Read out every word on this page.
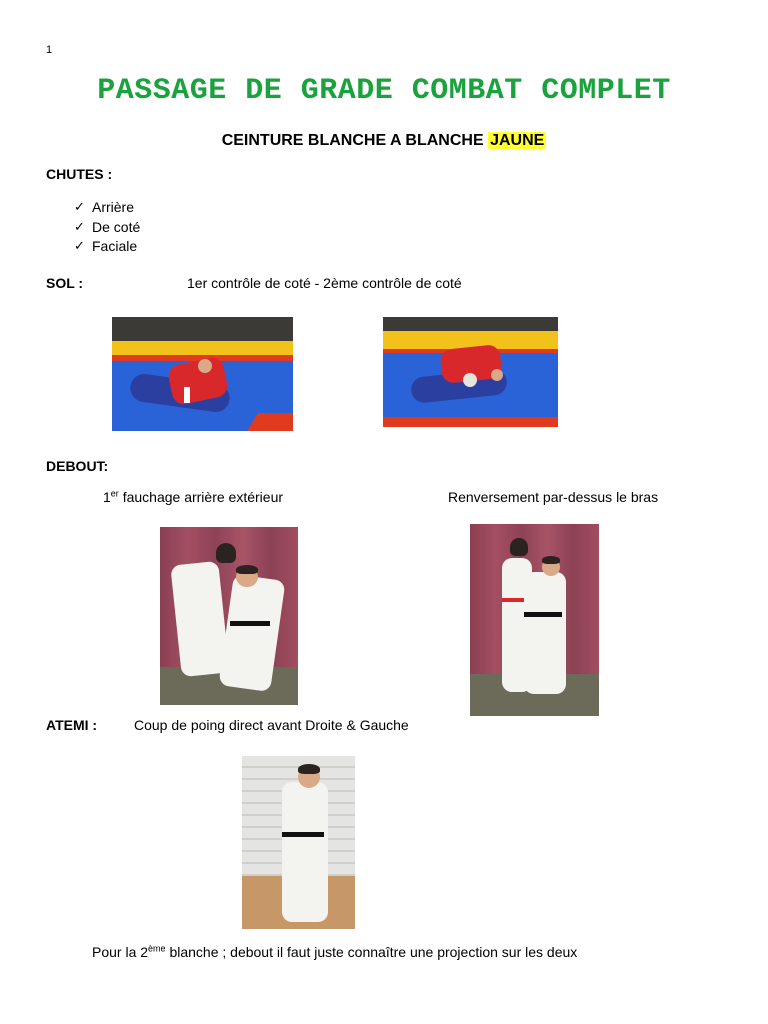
1
PASSAGE DE GRADE COMBAT COMPLET
CEINTURE BLANCHE A BLANCHE JAUNE
CHUTES :
✓ Arrière
✓ De coté
✓ Faciale
SOL :	1er contrôle de coté - 2ème contrôle de coté
DEBOUT:
1er fauchage arrière extérieur	Renversement par-dessus le bras
ATEMI :	Coup de poing direct avant Droite & Gauche
Pour la 2ème blanche ; debout il faut juste connaître une projection sur les deux
